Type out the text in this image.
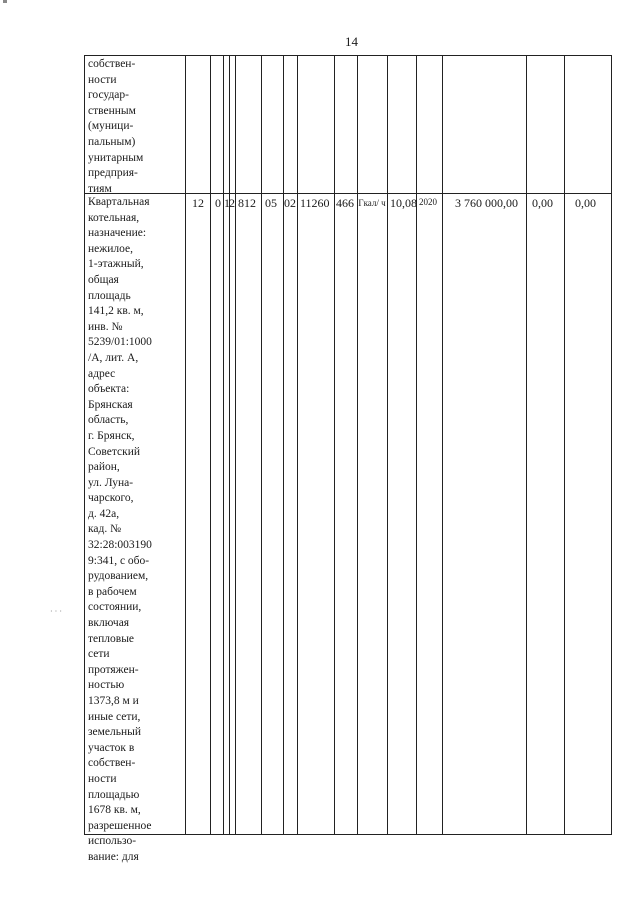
14
собствен-
ности
государ-
ственным
(муници-
пальным)
унитарным
предприя-
тиям
Квартальная
котельная,
назначение:
нежилое,
1-этажный,
общая
площадь
141,2 кв. м,
инв. №
5239/01:1000
/А, лит. А,
адрес
объекта:
Брянская
область,
г. Брянск,
Советский
район,
ул. Луна-
чарского,
д. 42а,
кад. №
32:28:003190
9:341, с обо-
рудованием,
в рабочем
состоянии,
включая
тепловые
сети
протяжен-
ностью
1373,8 м и
иные сети,
земельный
участок в
собствен-
ности
площадью
1678 кв. м,
разрешенное
использо-
вание: для
12 0 1 2 812 05 02 11260 466 Гкал/ ч 10,08 2020 3 760 000,00 0,00 0,00
· · ·
